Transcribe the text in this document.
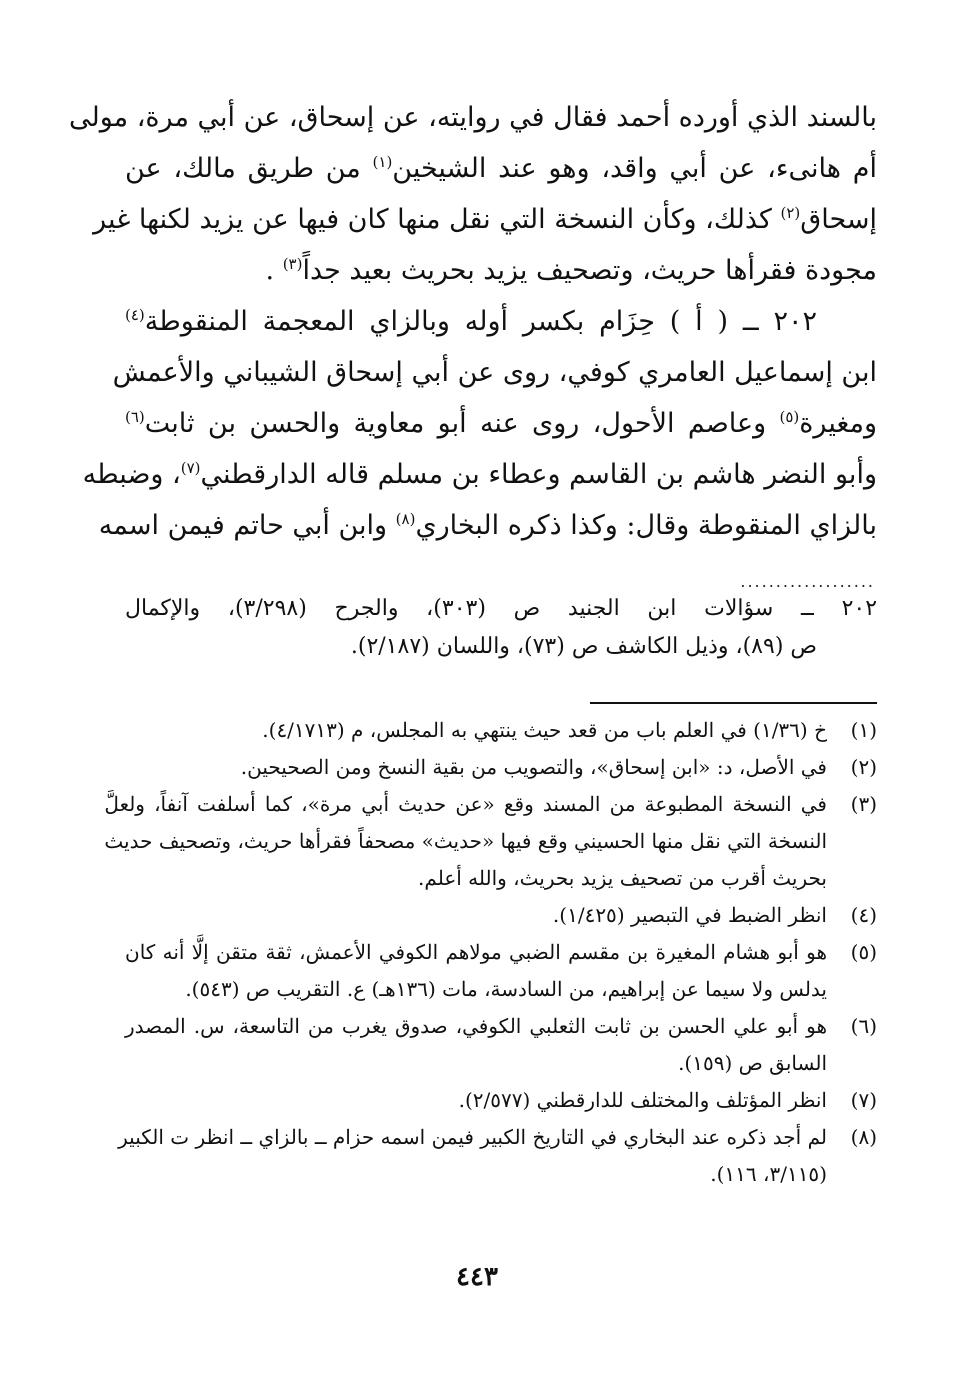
بالسند الذي أورده أحمد فقال في روايته، عن إسحاق، عن أبي مرة، مولى
أم هانىء، عن أبي واقد، وهو عند الشيخين$^{(١)}$ من طريق مالك، عن
إسحاق$^{(٢)}$ كذلك، وكأن النسخة التي نقل منها كان فيها عن يزيد لكنها غير
مجودة فقرأها حريث، وتصحيف يزيد بحريث بعيد جداً$^{(٣)}$ .
٢٠٢ ــ ( أ ) حِزَام بكسر أوله وبالزاي المعجمة المنقوطة$^{(٤)}$
ابن إسماعيل العامري كوفي، روى عن أبي إسحاق الشيباني والأعمش
ومغيرة$^{(٥)}$ وعاصم الأحول، روى عنه أبو معاوية والحسن بن ثابت$^{(٦)}$
وأبو النضر هاشم بن القاسم وعطاء بن مسلم قاله الدارقطني$^{(٧)}$، وضبطه
بالزاي المنقوطة وقال: وكذا ذكره البخاري$^{(٨)}$ وابن أبي حاتم فيمن اسمه
...................
٢٠٢ ــ سؤالات ابن الجنيد ص (٣٠٣)، والجرح (٣/٢٩٨)، والإكمال
ص (٨٩)، وذيل الكاشف ص (٧٣)، واللسان (٢/١٨٧).
(١)
خ (١/٣٦) في العلم باب من قعد حيث ينتهي به المجلس، م (٤/١٧١٣).
(٢)
في الأصل، د: «ابن إسحاق»، والتصويب من بقية النسخ ومن الصحيحين.
(٣)
في النسخة المطبوعة من المسند وقع «عن حديث أبي مرة»، كما أسلفت آنفاً، ولعلَّ
النسخة التي نقل منها الحسيني وقع فيها «حديث» مصحفاً فقرأها حريث، وتصحيف حديث
بحريث أقرب من تصحيف يزيد بحريث، والله أعلم.
(٤)
انظر الضبط في التبصير (١/٤٢٥).
(٥)
هو أبو هشام المغيرة بن مقسم الضبي مولاهم الكوفي الأعمش، ثقة متقن إلَّا أنه كان
يدلس ولا سيما عن إبراهيم، من السادسة، مات (١٣٦هـ) ع. التقريب ص (٥٤٣).
(٦)
هو أبو علي الحسن بن ثابت الثعلبي الكوفي، صدوق يغرب من التاسعة، س. المصدر
السابق ص (١٥٩).
(٧)
انظر المؤتلف والمختلف للدارقطني (٢/٥٧٧).
(٨)
لم أجد ذكره عند البخاري في التاريخ الكبير فيمن اسمه حزام ــ بالزاي ــ انظر ت الكبير
(٣/١١٥، ١١٦).
٤٤٣
